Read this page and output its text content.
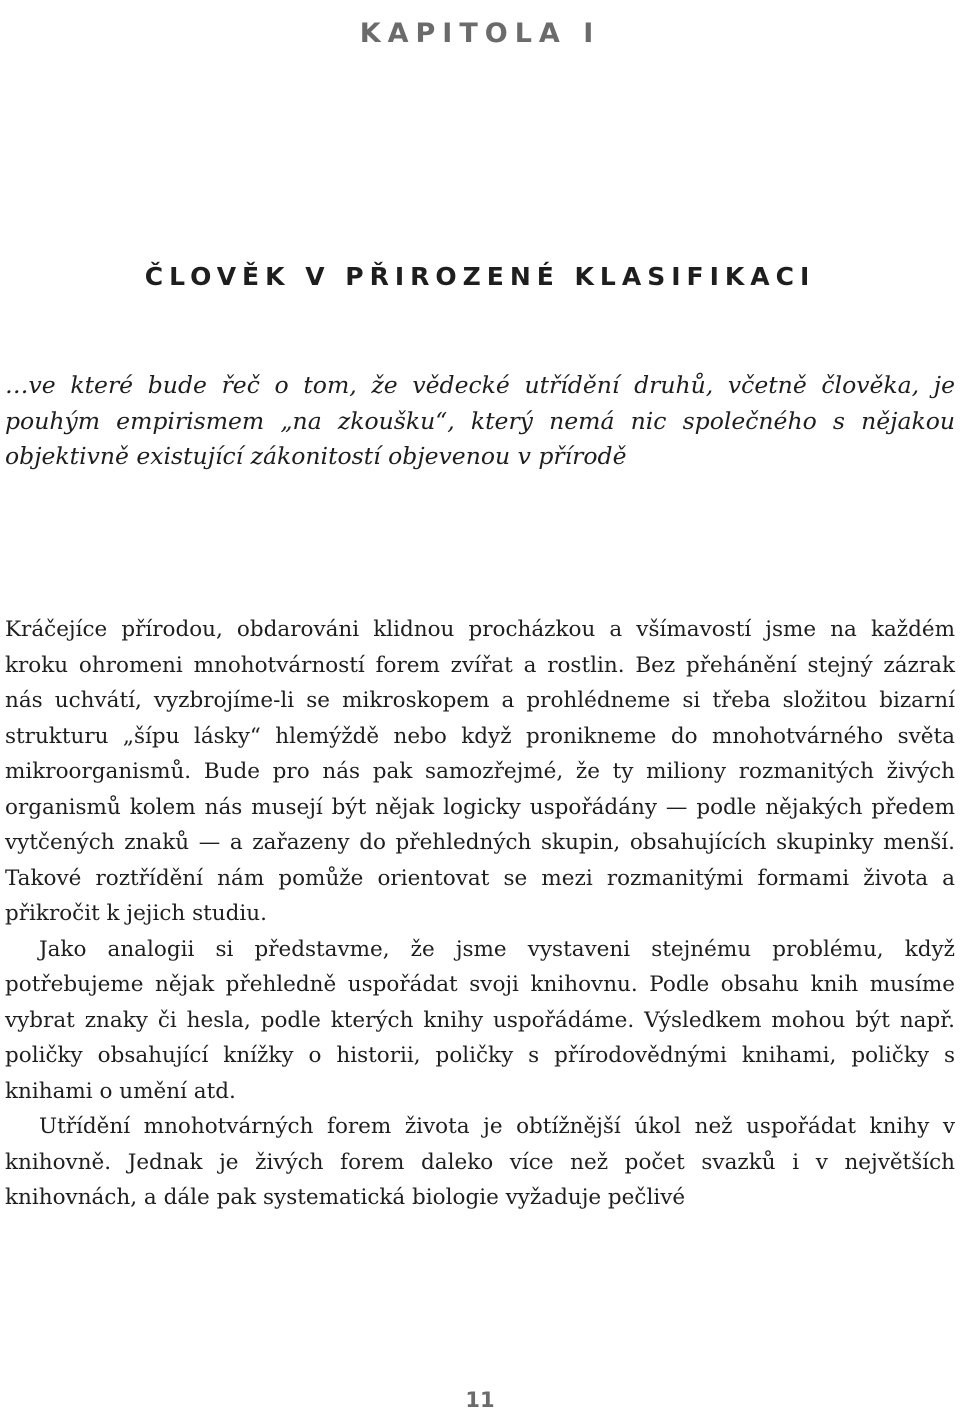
KAPITOLA I
ČLOVĚK V PŘIROZENÉ KLASIFIKACI
…ve které bude řeč o tom, že vědecké utřídění druhů, včetně člověka, je pouhým empirismem „na zkoušku“, který nemá nic společného s nějakou objektivně existující zákonitostí objevenou v přírodě

Kráčejíce přírodou, obdarováni klidnou procházkou a všímavostí jsme na každém kroku ohromeni mnohotvárností forem zvířat a rostlin. Bez přehánění stejný zázrak nás uchvátí, vyzbrojíme-li se mikroskopem a prohlédneme si třeba složitou bizarní strukturu „šípu lásky“ hlemýždě nebo když pronikneme do mnohotvárného světa mikroorganismů. Bude pro nás pak samozřejmé, že ty miliony rozmanitých živých organismů kolem nás musejí být nějak logicky uspořádány — podle nějakých předem vytčených znaků — a zařazeny do přehledných skupin, obsahujících skupinky menší. Takové roztřídění nám pomůže orientovat se mezi rozmanitými formami života a přikročit k jejich studiu.

Jako analogii si představme, že jsme vystaveni stejnému problému, když potřebujeme nějak přehledně uspořádat svoji knihovnu. Podle obsahu knih musíme vybrat znaky či hesla, podle kterých knihy uspořádáme. Výsledkem mohou být např. poličky obsahující knížky o historii, poličky s přírodovědnými knihami, poličky s knihami o umění atd.

Utřídění mnohotvárných forem života je obtížnější úkol než uspořádat knihy v knihovně. Jednak je živých forem daleko více než počet svazků i v největších knihovnách, a dále pak systematická biologie vyžaduje pečlivé

11
